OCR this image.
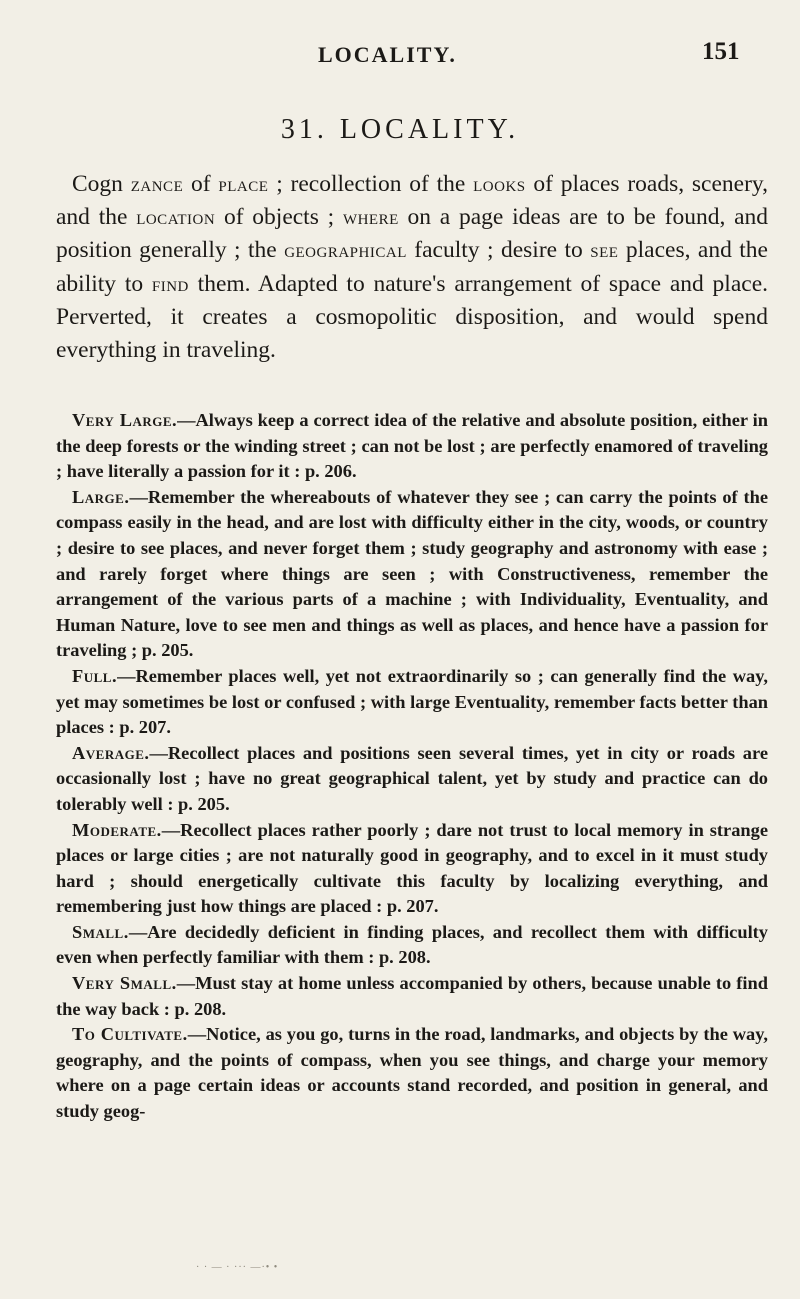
LOCALITY.	151
31. LOCALITY.

Cogn zance of place ; recollection of the looks of places roads, scenery, and the location of objects ; where on a page ideas are to be found, and position generally ; the geographical faculty ; desire to see places, and the ability to find them. Adapted to nature's arrangement of space and place. Perverted, it creates a cosmopolitic disposition, and would spend everything in traveling.

Very Large.—Always keep a correct idea of the relative and absolute position, either in the deep forests or the winding street ; can not be lost ; are perfectly enamored of traveling ; have literally a passion for it : p. 206.

Large.—Remember the whereabouts of whatever they see ; can carry the points of the compass easily in the head, and are lost with difficulty either in the city, woods, or country ; desire to see places, and never forget them ; study geography and astronomy with ease ; and rarely forget where things are seen ; with Constructiveness, remember the arrangement of the various parts of a machine ; with Individuality, Eventuality, and Human Nature, love to see men and things as well as places, and hence have a passion for traveling ; p. 205.

Full.—Remember places well, yet not extraordinarily so ; can generally find the way, yet may sometimes be lost or confused ; with large Eventuality, remember facts better than places : p. 207.

Average.—Recollect places and positions seen several times, yet in city or roads are occasionally lost ; have no great geographical talent, yet by study and practice can do tolerably well : p. 205.

Moderate.—Recollect places rather poorly ; dare not trust to local memory in strange places or large cities ; are not naturally good in geography, and to excel in it must study hard ; should energetically cultivate this faculty by localizing everything, and remembering just how things are placed : p. 207.

Small.—Are decidedly deficient in finding places, and recollect them with difficulty even when perfectly familiar with them : p. 208.

Very Small.—Must stay at home unless accompanied by others, because unable to find the way back : p. 208.

To Cultivate.—Notice, as you go, turns in the road, landmarks, and objects by the way, geography, and the points of compass, when you see things, and charge your memory where on a page certain ideas or accounts stand recorded, and position in general, and study geog-

· · — · ··· —·• •
